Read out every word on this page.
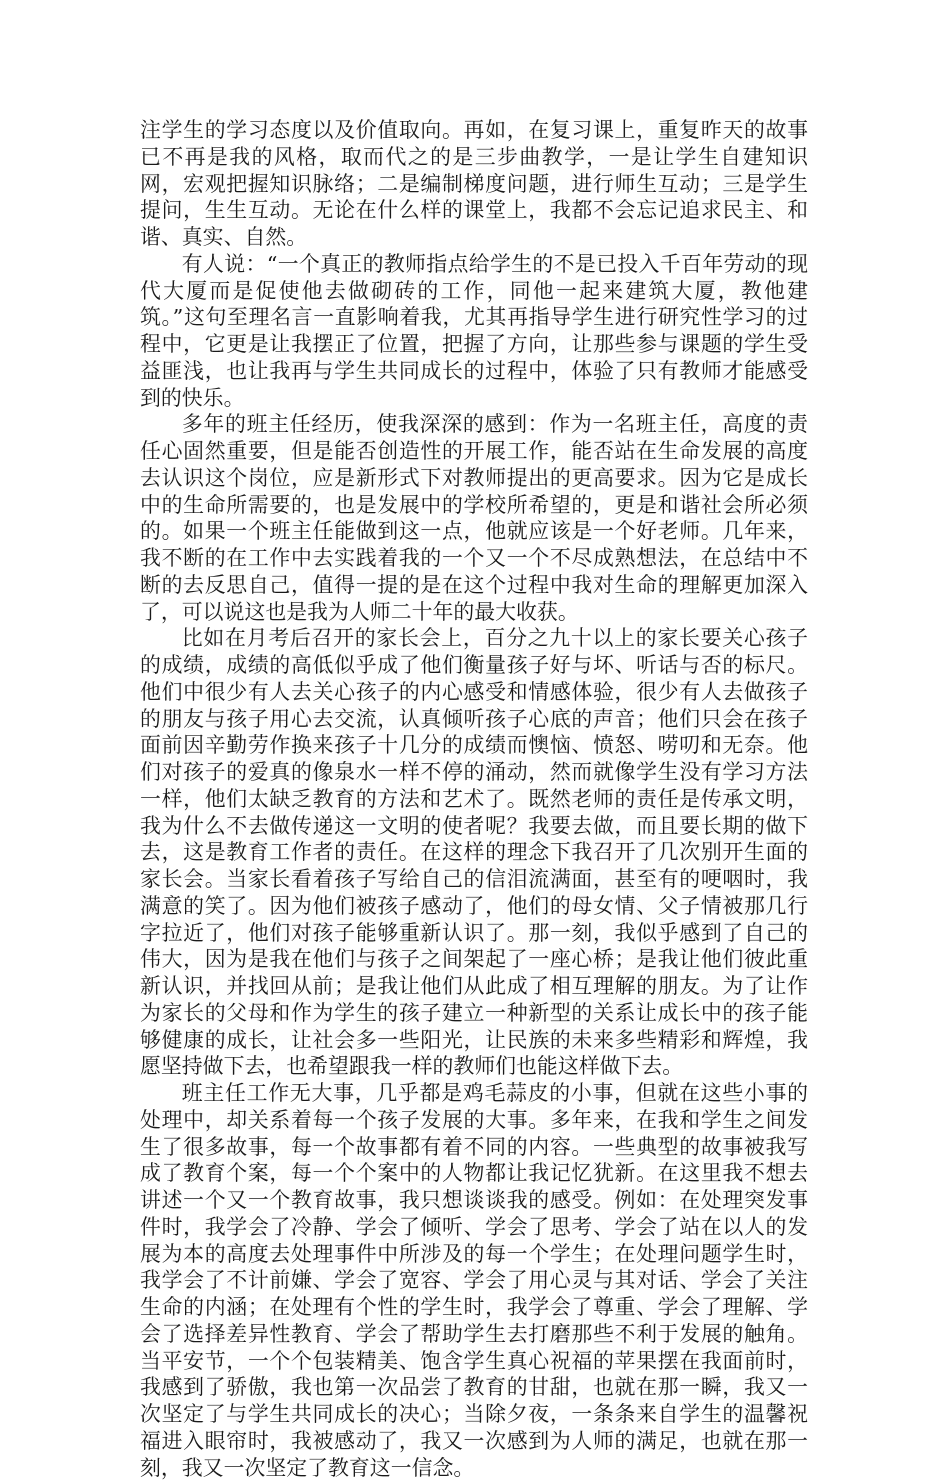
注学生的学习态度以及价值取向。再如，在复习课上，重复昨天的故事已不再是我的风格，取而代之的是三步曲教学，一是让学生自建知识网，宏观把握知识脉络；二是编制梯度问题，进行师生互动；三是学生提问，生生互动。无论在什么样的课堂上，我都不会忘记追求民主、和谐、真实、自然。

有人说：“一个真正的教师指点给学生的不是已投入千百年劳动的现代大厦而是促使他去做砌砖的工作，同他一起来建筑大厦，教他建筑。”这句至理名言一直影响着我，尤其再指导学生进行研究性学习的过程中，它更是让我摆正了位置，把握了方向，让那些参与课题的学生受益匪浅，也让我再与学生共同成长的过程中，体验了只有教师才能感受到的快乐。

多年的班主任经历，使我深深的感到：作为一名班主任，高度的责任心固然重要，但是能否创造性的开展工作，能否站在生命发展的高度去认识这个岗位，应是新形式下对教师提出的更高要求。因为它是成长中的生命所需要的，也是发展中的学校所希望的，更是和谐社会所必须的。如果一个班主任能做到这一点，他就应该是一个好老师。几年来，我不断的在工作中去实践着我的一个又一个不尽成熟想法，在总结中不断的去反思自己，值得一提的是在这个过程中我对生命的理解更加深入了，可以说这也是我为人师二十年的最大收获。

比如在月考后召开的家长会上，百分之九十以上的家长要关心孩子的成绩，成绩的高低似乎成了他们衡量孩子好与坏、听话与否的标尺。他们中很少有人去关心孩子的内心感受和情感体验，很少有人去做孩子的朋友与孩子用心去交流，认真倾听孩子心底的声音；他们只会在孩子面前因辛勤劳作换来孩子十几分的成绩而懊恼、愤怒、唠叨和无奈。他们对孩子的爱真的像泉水一样不停的涌动，然而就像学生没有学习方法一样，他们太缺乏教育的方法和艺术了。既然老师的责任是传承文明，我为什么不去做传递这一文明的使者呢？我要去做，而且要长期的做下去，这是教育工作者的责任。在这样的理念下我召开了几次别开生面的家长会。当家长看着孩子写给自己的信泪流满面，甚至有的哽咽时，我满意的笑了。因为他们被孩子感动了，他们的母女情、父子情被那几行字拉近了，他们对孩子能够重新认识了。那一刻，我似乎感到了自己的伟大，因为是我在他们与孩子之间架起了一座心桥；是我让他们彼此重新认识，并找回从前；是我让他们从此成了相互理解的朋友。为了让作为家长的父母和作为学生的孩子建立一种新型的关系让成长中的孩子能够健康的成长，让社会多一些阳光，让民族的未来多些精彩和辉煌，我愿坚持做下去，也希望跟我一样的教师们也能这样做下去。

班主任工作无大事，几乎都是鸡毛蒜皮的小事，但就在这些小事的处理中，却关系着每一个孩子发展的大事。多年来，在我和学生之间发生了很多故事，每一个故事都有着不同的内容。一些典型的故事被我写成了教育个案，每一个个案中的人物都让我记忆犹新。在这里我不想去讲述一个又一个教育故事，我只想谈谈我的感受。例如：在处理突发事件时，我学会了冷静、学会了倾听、学会了思考、学会了站在以人的发展为本的高度去处理事件中所涉及的每一个学生；在处理问题学生时，我学会了不计前嫌、学会了宽容、学会了用心灵与其对话、学会了关注生命的内涵；在处理有个性的学生时，我学会了尊重、学会了理解、学会了选择差异性教育、学会了帮助学生去打磨那些不利于发展的触角。当平安节，一个个包装精美、饱含学生真心祝福的苹果摆在我面前时，我感到了骄傲，我也第一次品尝了教育的甘甜，也就在那一瞬，我又一次坚定了与学生共同成长的决心；当除夕夜，一条条来自学生的温馨祝福进入眼帘时，我被感动了，我又一次感到为人师的满足，也就在那一刻，我又一次坚定了教育这一信念。
